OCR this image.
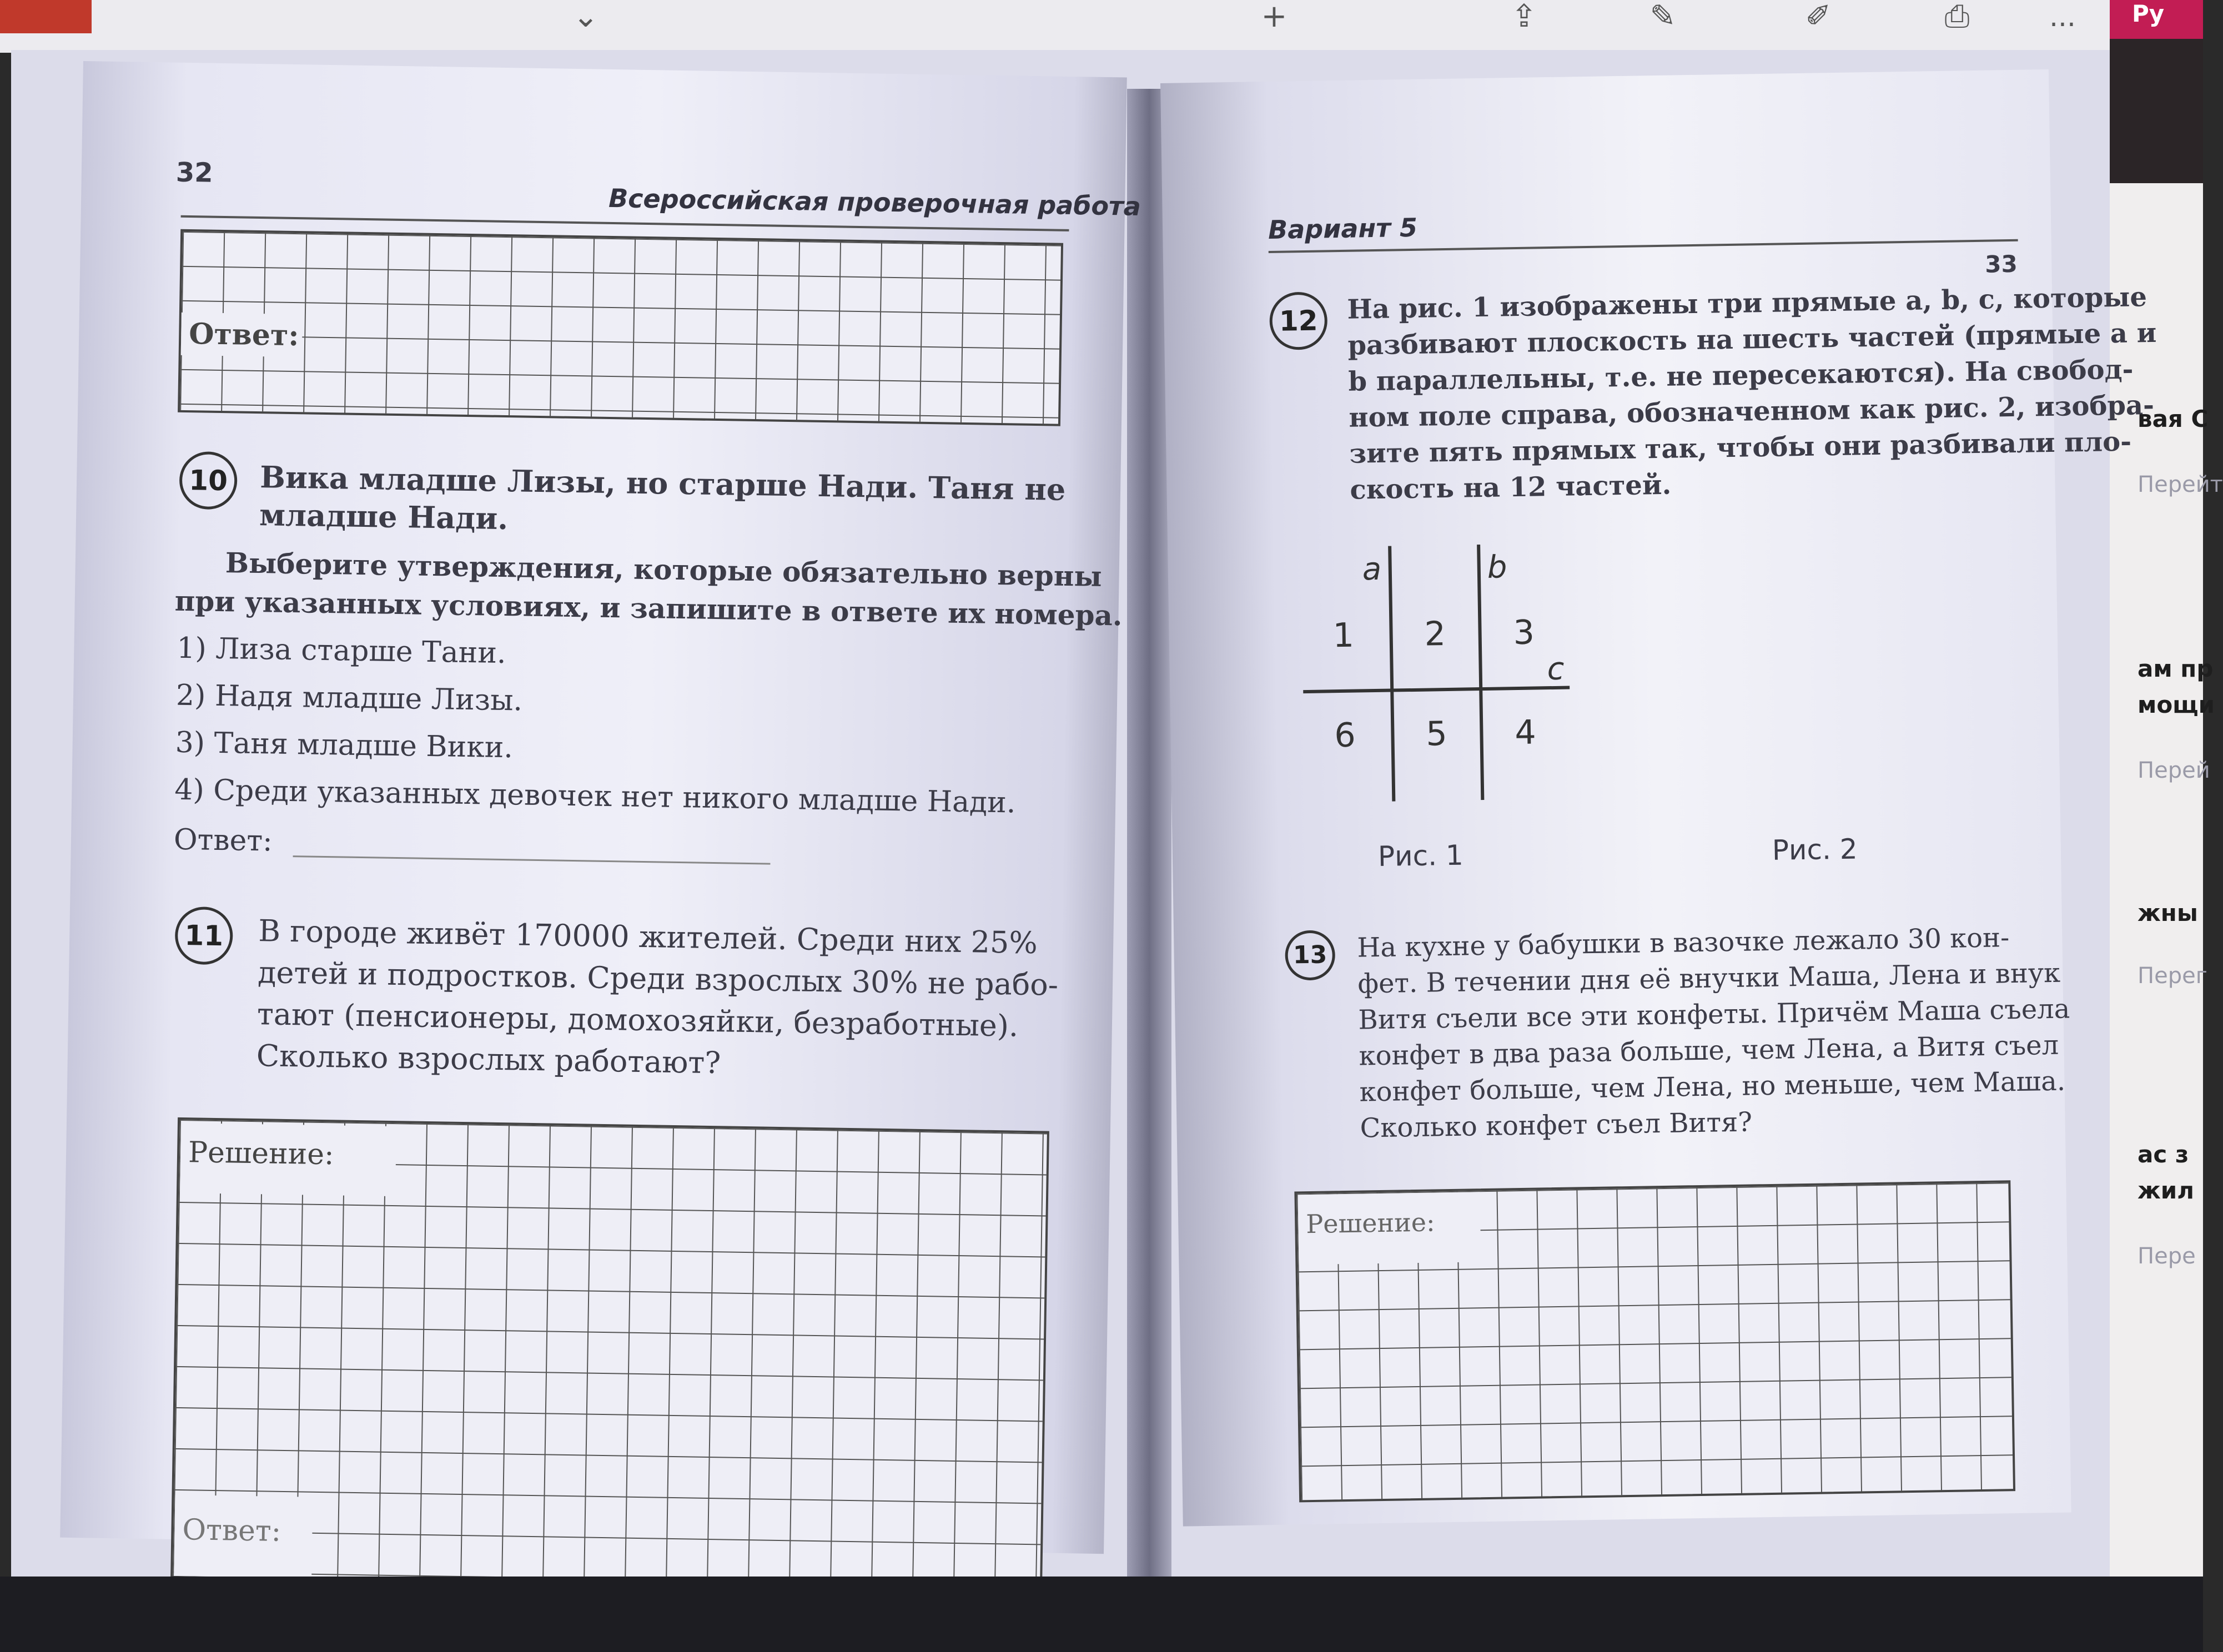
⌄	+	⇪	✎	✐	⎙	... Ру
вая С
Перейт
ам пр
мощи
Перей
жны
Перег
ас з
жил
Пере
32
Всероссийская проверочная работа
Ответ:
10	Вика младше Лизы, но старше Нади. Таня не
младше Нади.
Выберите утверждения, которые обязательно верны
при указанных условиях, и запишите в ответе их номера.
1) Лиза старше Тани.
2) Надя младше Лизы.
3) Таня младше Вики.
4) Среди указанных девочек нет никого младше Нади.
Ответ:
11	В городе живёт 170000 жителей. Среди них 25%
детей и подростков. Среди взрослых 30% не рабо-
тают (пенсионеры, домохозяйки, безработные).
Сколько взрослых работают?
Решение:
Ответ:
Вариант 5
33
12	На рис. 1 изображены три прямые a, b, c, которые
разбивают плоскость на шесть частей (прямые a и
b параллельны, т.е. не пересекаются). На свобод-
ном поле справа, обозначенном как рис. 2, изобра-
зите пять прямых так, чтобы они разбивали пло-
скость на 12 частей.
a	b
c
1 2 3
6 5 4
Рис. 1	Рис. 2
13	На кухне у бабушки в вазочке лежало 30 кон-
фет. В течении дня её внучки Маша, Лена и внук
Витя съели все эти конфеты. Причём Маша съела
конфет в два раза больше, чем Лена, а Витя съел
конфет больше, чем Лена, но меньше, чем Маша.
Сколько конфет съел Витя?
Решение:
